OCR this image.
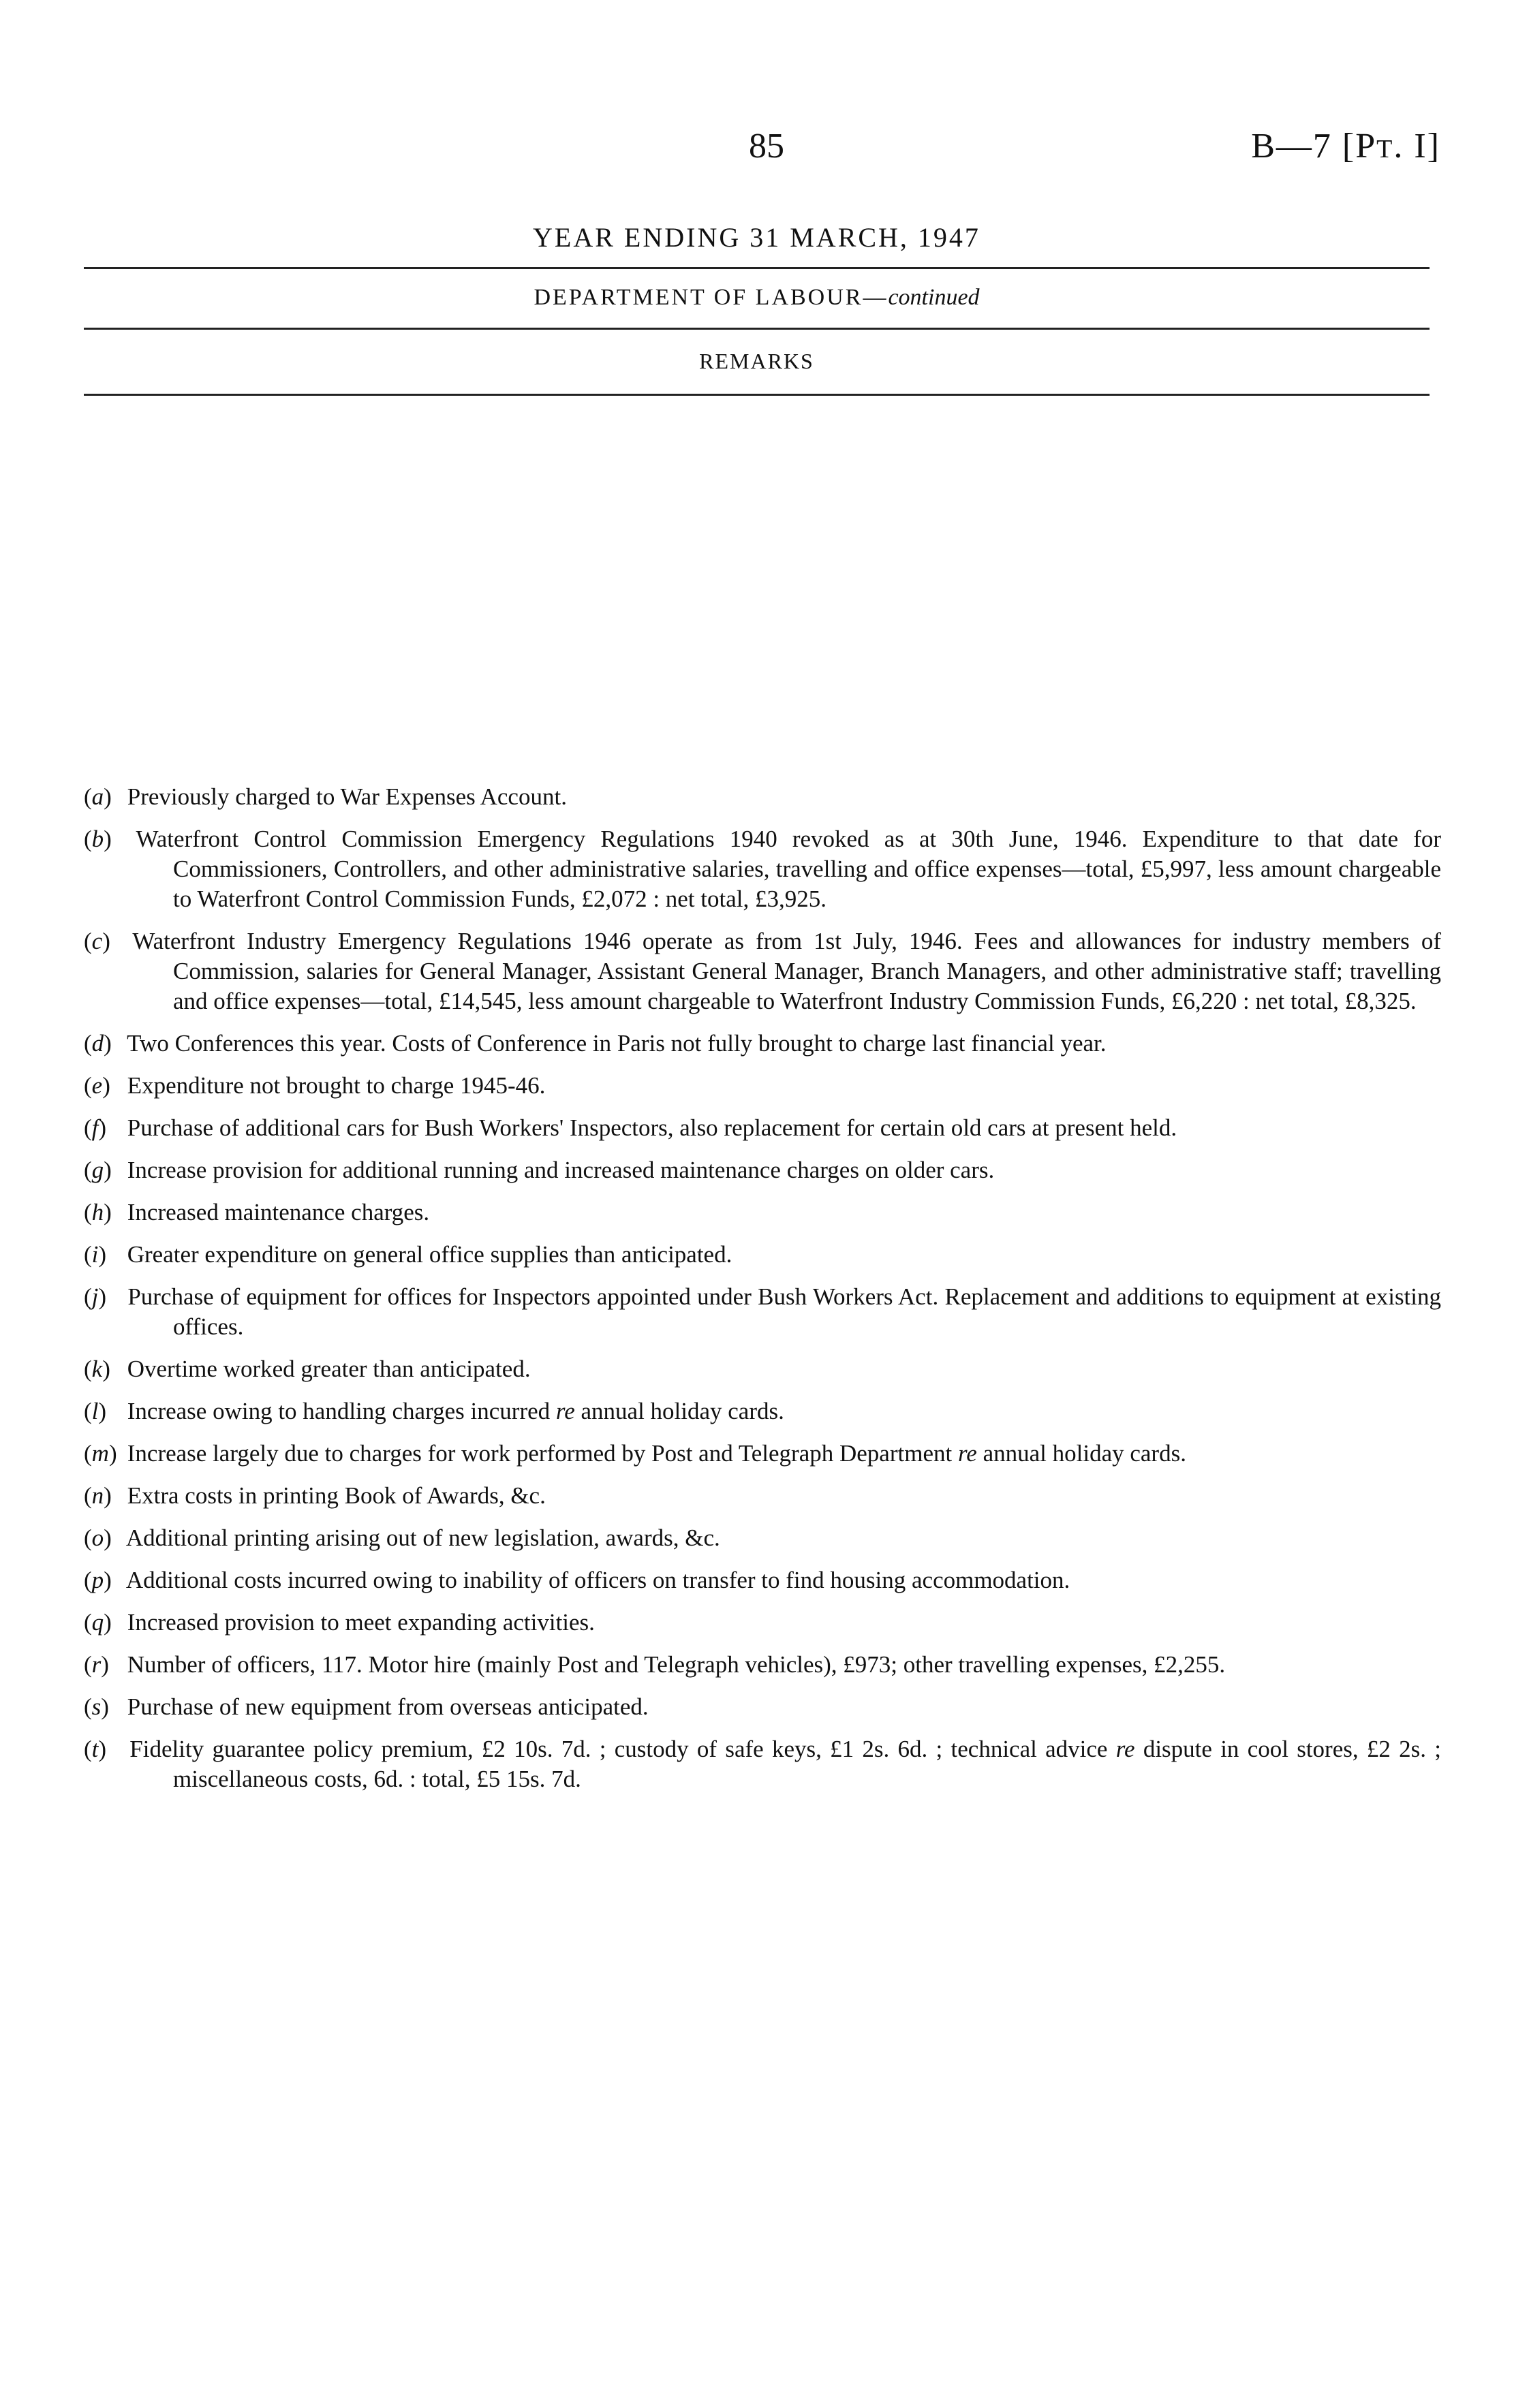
85	B—7 [PT. I]
YEAR ENDING 31 MARCH, 1947
DEPARTMENT OF LABOUR—continued
REMARKS
(a) Previously charged to War Expenses Account.
(b) Waterfront Control Commission Emergency Regulations 1940 revoked as at 30th June, 1946. Expenditure to that date for Commissioners, Controllers, and other administrative salaries, travelling and office expenses—total, £5,997, less amount chargeable to Waterfront Control Commission Funds, £2,072 : net total, £3,925.
(c) Waterfront Industry Emergency Regulations 1946 operate as from 1st July, 1946. Fees and allowances for industry members of Commission, salaries for General Manager, Assistant General Manager, Branch Managers, and other administrative staff; travelling and office expenses—total, £14,545, less amount chargeable to Waterfront Industry Commission Funds, £6,220 : net total, £8,325.
(d) Two Conferences this year. Costs of Conference in Paris not fully brought to charge last financial year.
(e) Expenditure not brought to charge 1945-46.
(f) Purchase of additional cars for Bush Workers' Inspectors, also replacement for certain old cars at present held.
(g) Increase provision for additional running and increased maintenance charges on older cars.
(h) Increased maintenance charges.
(i) Greater expenditure on general office supplies than anticipated.
(j) Purchase of equipment for offices for Inspectors appointed under Bush Workers Act. Replacement and additions to equipment at existing offices.
(k) Overtime worked greater than anticipated.
(l) Increase owing to handling charges incurred re annual holiday cards.
(m) Increase largely due to charges for work performed by Post and Telegraph Department re annual holiday cards.
(n) Extra costs in printing Book of Awards, &c.
(o) Additional printing arising out of new legislation, awards, &c.
(p) Additional costs incurred owing to inability of officers on transfer to find housing accommodation.
(q) Increased provision to meet expanding activities.
(r) Number of officers, 117. Motor hire (mainly Post and Telegraph vehicles), £973; other travelling expenses, £2,255.
(s) Purchase of new equipment from overseas anticipated.
(t) Fidelity guarantee policy premium, £2 10s. 7d. ; custody of safe keys, £1 2s. 6d. ; technical advice re dispute in cool stores, £2 2s. ; miscellaneous costs, 6d. : total, £5 15s. 7d.
